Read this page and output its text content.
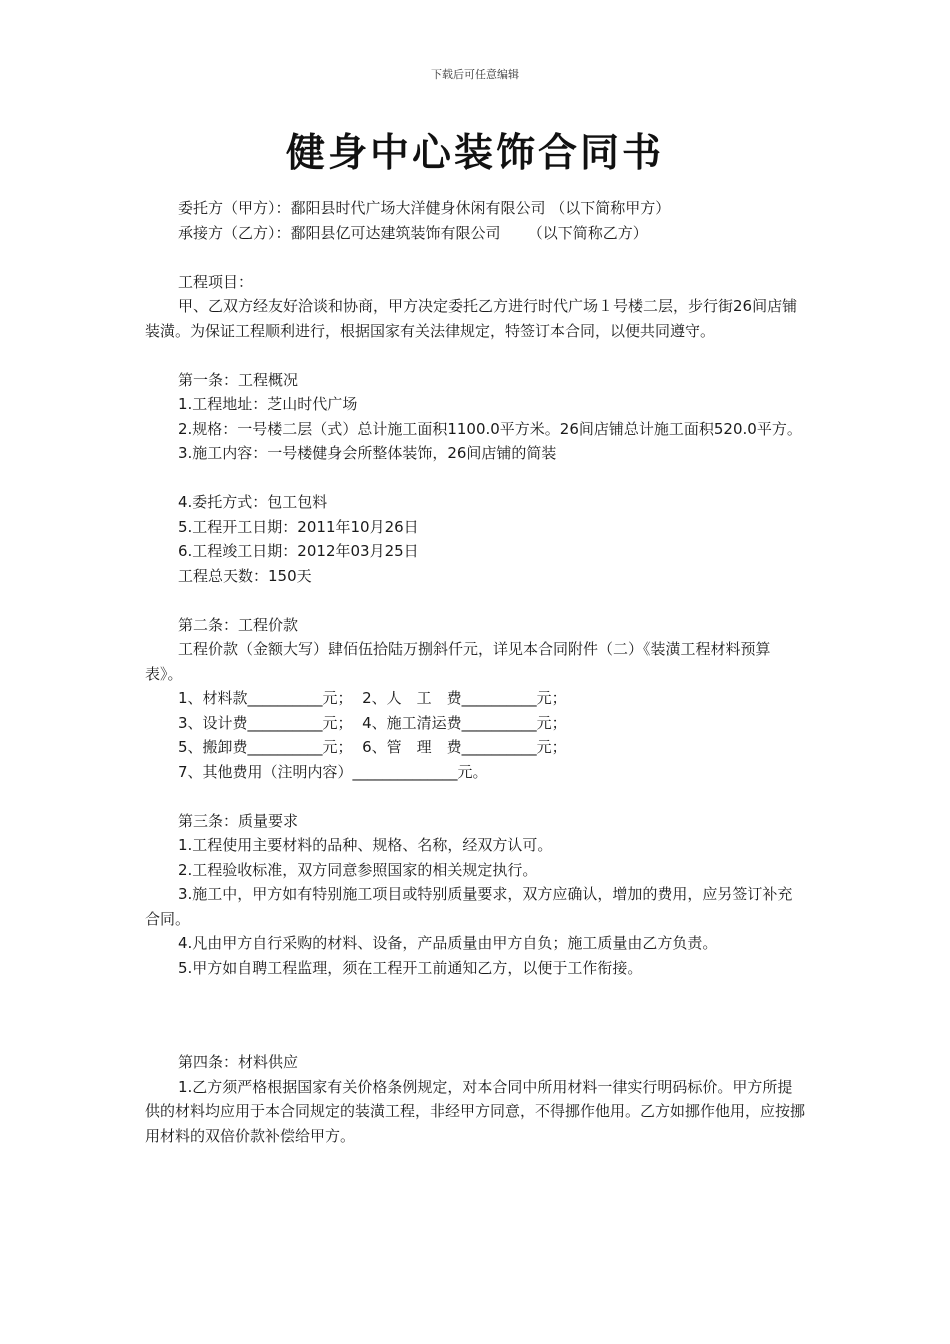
下载后可任意编辑
健身中心装饰合同书
委托方（甲方）：鄱阳县时代广场大洋健身休闲有限公司 （以下简称甲方）
承接方（乙方）：鄱阳县亿可达建筑装饰有限公司 　　（以下简称乙方）
工程项目：
甲、乙双方经友好洽谈和协商，甲方决定委托乙方进行时代广场１号楼二层，步行街26间店铺装潢。为保证工程顺利进行，根据国家有关法律规定，特签订本合同，以便共同遵守。
第一条：工程概况
1.工程地址：芝山时代广场
2.规格：一号楼二层（式）总计施工面积1100.0平方米。26间店铺总计施工面积520.0平方。
3.施工内容：一号楼健身会所整体装饰，26间店铺的简装
4.委托方式：包工包料
5.工程开工日期：2011年10月26日
6.工程竣工日期：2012年03月25日
工程总天数：150天
第二条：工程价款
工程价款（金额大写）肆佰伍拾陆万捌斜仟元，详见本合同附件（二）《装潢工程材料预算表》。
1、材料款__________元；  2、人　工　费__________元；
3、设计费__________元；  4、施工清运费__________元；
5、搬卸费__________元；  6、管　理　费__________元；
7、其他费用（注明内容）______________元。
第三条：质量要求
1.工程使用主要材料的品种、规格、名称，经双方认可。
2.工程验收标准，双方同意参照国家的相关规定执行。
3.施工中，甲方如有特别施工项目或特别质量要求，双方应确认，增加的费用，应另签订补充合同。
4.凡由甲方自行采购的材料、设备，产品质量由甲方自负；施工质量由乙方负责。
5.甲方如自聘工程监理，须在工程开工前通知乙方，以便于工作衔接。
第四条：材料供应
1.乙方须严格根据国家有关价格条例规定，对本合同中所用材料一律实行明码标价。甲方所提供的材料均应用于本合同规定的装潢工程，非经甲方同意，不得挪作他用。乙方如挪作他用，应按挪用材料的双倍价款补偿给甲方。
